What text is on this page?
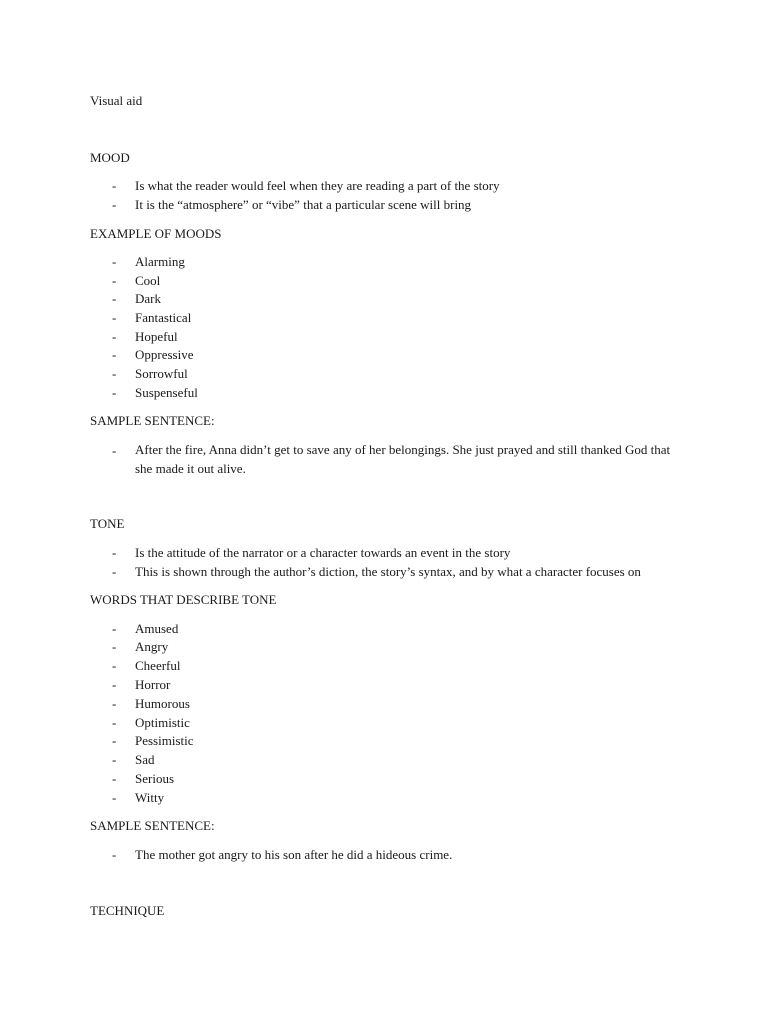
Visual aid
MOOD
- Is what the reader would feel when they are reading a part of the story
- It is the “atmosphere” or “vibe” that a particular scene will bring
EXAMPLE OF MOODS
- Alarming
- Cool
- Dark
- Fantastical
- Hopeful
- Oppressive
- Sorrowful
- Suspenseful
SAMPLE SENTENCE:
- After the fire, Anna didn’t get to save any of her belongings. She just prayed and still thanked God that she made it out alive.
TONE
- Is the attitude of the narrator or a character towards an event in the story
- This is shown through the author’s diction, the story’s syntax, and by what a character focuses on
WORDS THAT DESCRIBE TONE
- Amused
- Angry
- Cheerful
- Horror
- Humorous
- Optimistic
- Pessimistic
- Sad
- Serious
- Witty
SAMPLE SENTENCE:
- The mother got angry to his son after he did a hideous crime.
TECHNIQUE
